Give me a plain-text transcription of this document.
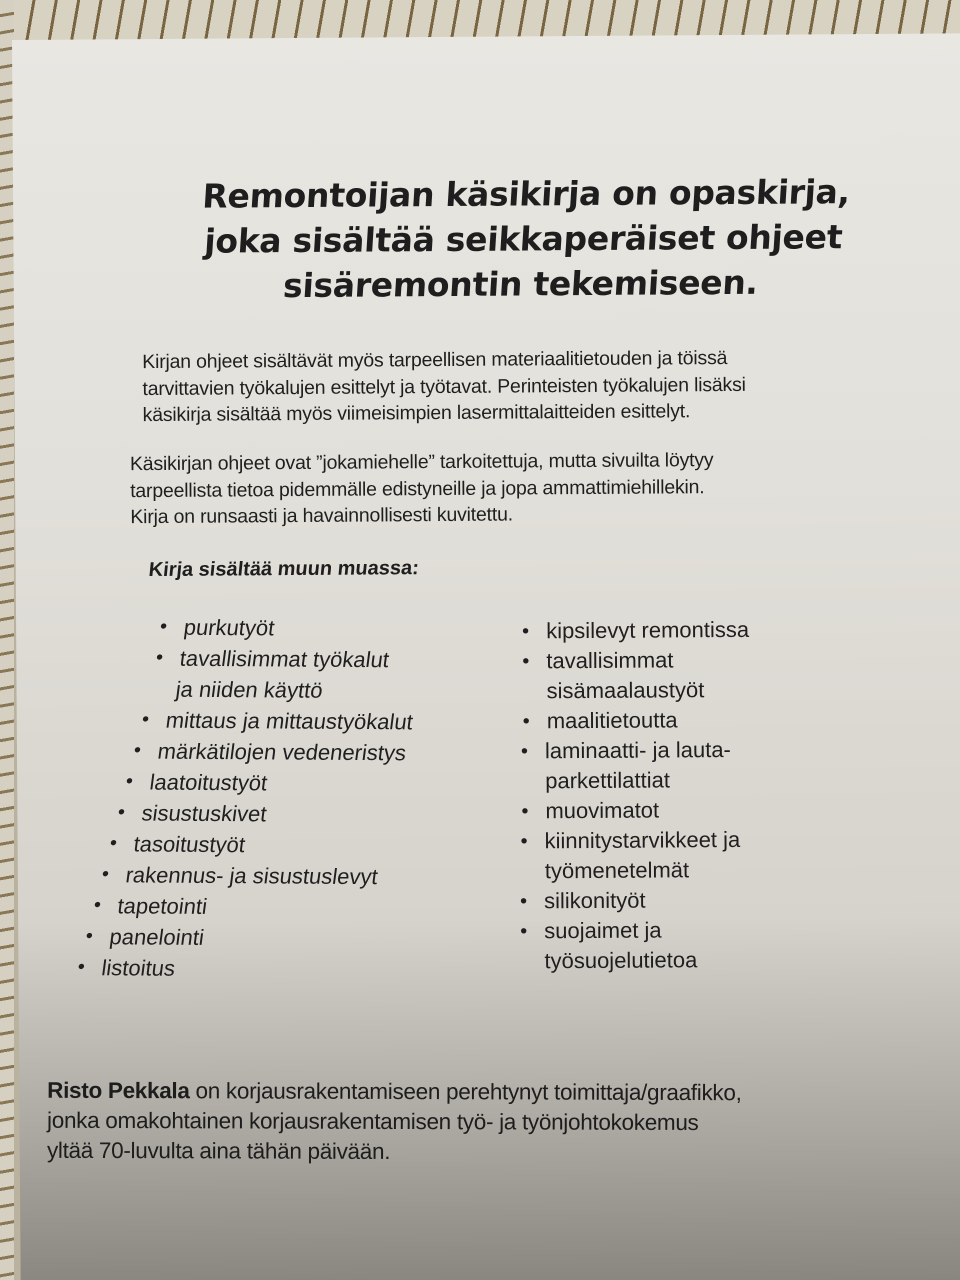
Remontoijan käsikirja on opaskirja,
joka sisältää seikkaperäiset ohjeet
sisäremontin tekemiseen.
Kirjan ohjeet sisältävät myös tarpeellisen materiaalitietouden ja töissä
tarvittavien työkalujen esittelyt ja työtavat. Perinteisten työkalujen lisäksi
käsikirja sisältää myös viimeisimpien lasermittalaitteiden esittelyt.
Käsikirjan ohjeet ovat ”jokamiehelle” tarkoitettuja, mutta sivuilta löytyy
tarpeellista tietoa pidemmälle edistyneille ja jopa ammattimiehillekin.
Kirja on runsaasti ja havainnollisesti kuvitettu.
Kirja sisältää muun muassa:
• purkutyöt
• tavallisimmat työkalut
ja niiden käyttö
• mittaus ja mittaustyökalut
• märkätilojen vedeneristys
• laatoitustyöt
• sisustuskivet
• tasoitustyöt
• rakennus- ja sisustuslevyt
• tapetointi
• panelointi
• listoitus
• kipsilevyt remontissa
• tavallisimmat
sisämaalaustyöt
• maalitietoutta
• laminaatti- ja lauta-
parkettilattiat
• muovimatot
• kiinnitystarvikkeet ja
työmenetelmät
• silikonityöt
• suojaimet ja
työsuojelutietoa
Risto Pekkala on korjausrakentamiseen perehtynyt toimittaja/graafikko,
jonka omakohtainen korjausrakentamisen työ- ja työnjohtokokemus
yltää 70-luvulta aina tähän päivään.
